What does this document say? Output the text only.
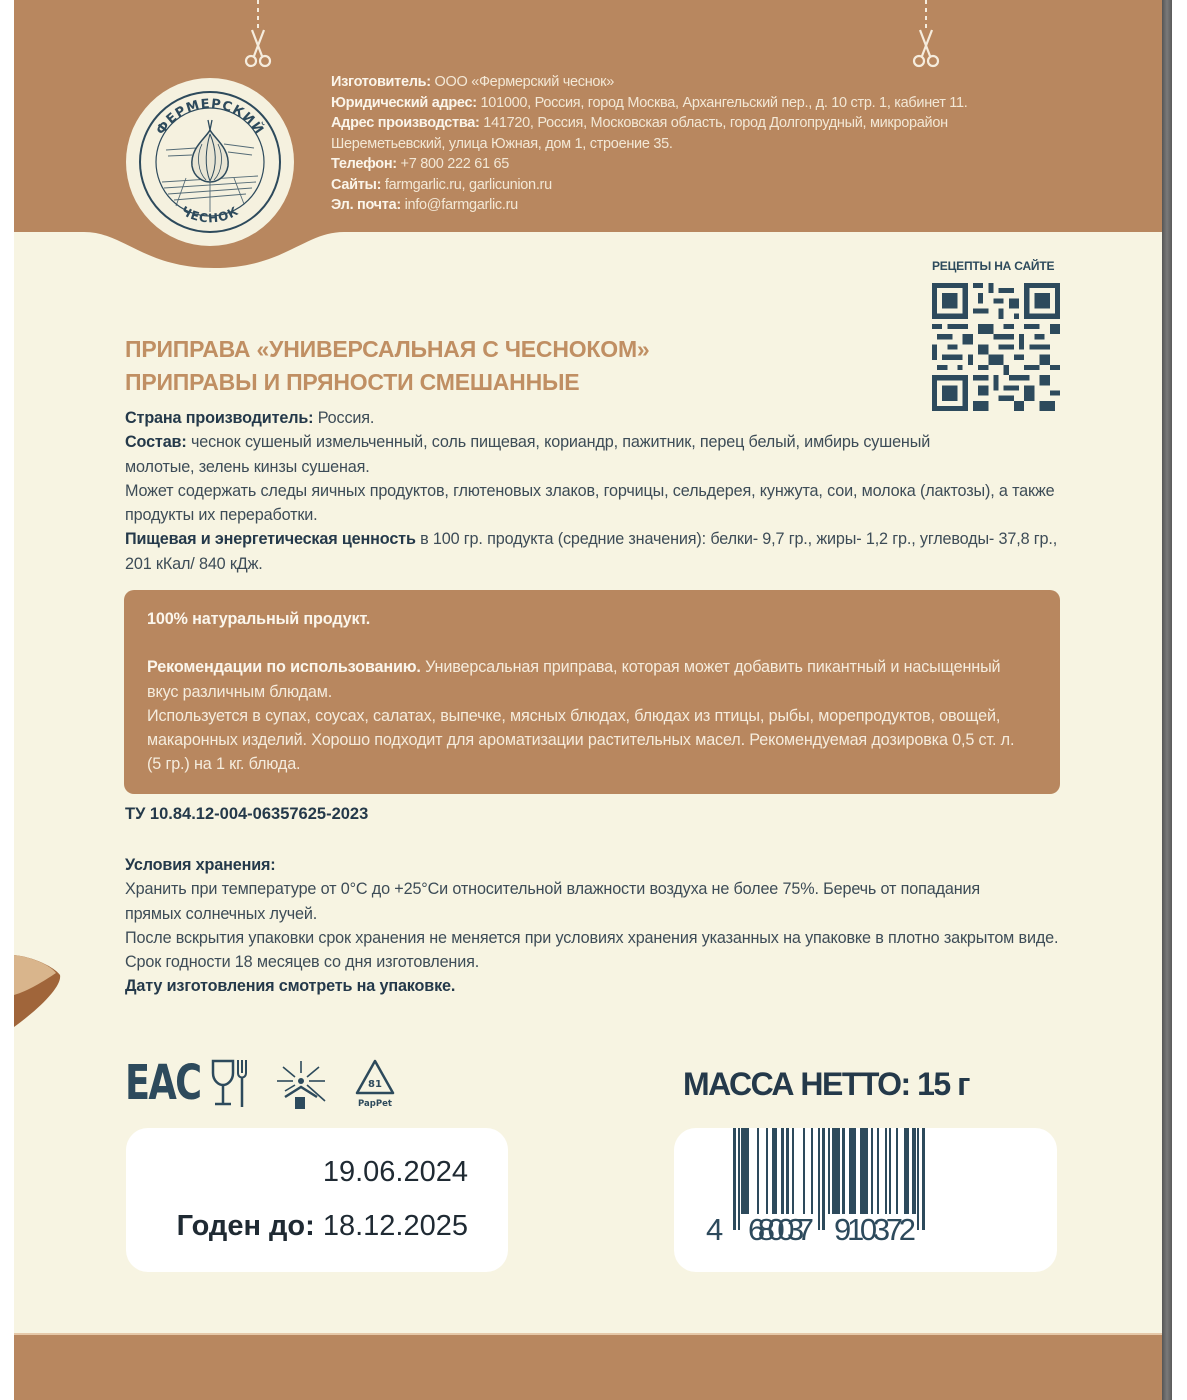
ФЕРМЕРСКИЙ
ЧЕСНОК
Изготовитель: ООО «Фермерский чеснок»
Юридический адрес: 101000, Россия, город Москва, Архангельский пер., д. 10 стр. 1, кабинет 11.
Адрес производства: 141720, Россия, Московская область, город Долгопрудный, микрорайон
Шереметьевский, улица Южная, дом 1, строение 35.
Телефон: +7 800 222 61 65
Сайты: farmgarlic.ru, garlicunion.ru
Эл. почта: info@farmgarlic.ru
РЕЦЕПТЫ НА САЙТЕ
ПРИПРАВА «УНИВЕРСАЛЬНАЯ С ЧЕСНОКОМ»
ПРИПРАВЫ И ПРЯНОСТИ СМЕШАННЫЕ
Страна производитель: Россия.
Состав: чеснок сушеный измельченный, соль пищевая, кориандр, пажитник, перец белый, имбирь сушеный молотые, зелень кинзы сушеная.
Может содержать следы яичных продуктов, глютеновых злаков, горчицы, сельдерея, кунжута, сои, молока (лактозы), а также продукты их переработки.
Пищевая и энергетическая ценность в 100 гр. продукта (средние значения): белки- 9,7 гр., жиры- 1,2 гр., углеводы- 37,8 гр., 201 кКал/ 840 кДж.
100% натуральный продукт.
Рекомендации по использованию. Универсальная приправа, которая может добавить пикантный и насыщенный вкус различным блюдам.
Используется в супах, соусах, салатах, выпечке, мясных блюдах, блюдах из птицы, рыбы, морепродуктов, овощей, макаронных изделий. Хорошо подходит для ароматизации растительных масел. Рекомендуемая дозировка 0,5 ст. л. (5 гр.) на 1 кг. блюда.
ТУ 10.84.12-004-06357625-2023
Условия хранения:
Хранить при температуре от 0°С до +25°Си относительной влажности воздуха не более 75%. Беречь от попадания прямых солнечных лучей.
После вскрытия упаковки срок хранения не меняется при условиях хранения указанных на упаковке в плотно закрытом виде.
Срок годности 18 месяцев со дня изготовления.
Дату изготовления смотреть на упаковке.
ЕАС	81
PapPet
19.06.2024
Годен до: 18.12.2025
МАССА НЕТТО: 15 г
4 680037 910372
